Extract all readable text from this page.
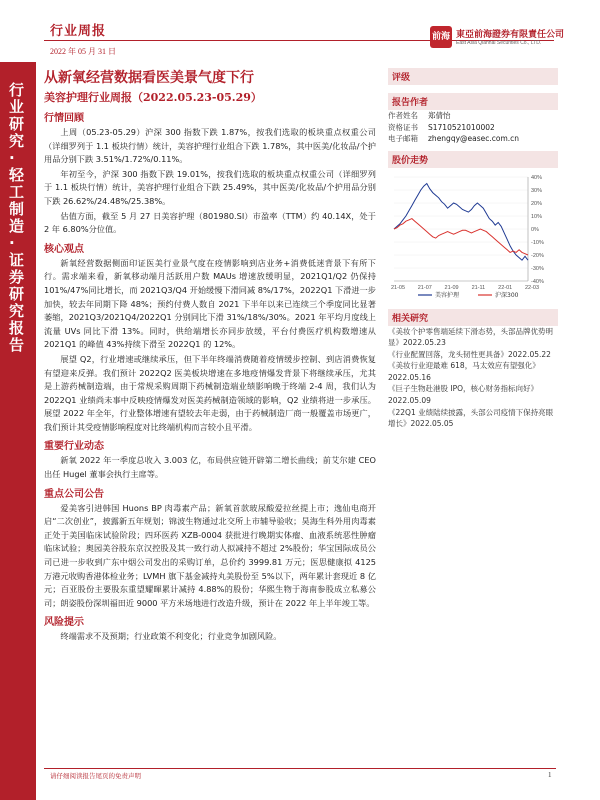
行业周报
2022 年 05 月 31 日
前海 東亞前海證券有限責任公司
East Asia Qianhai Securities Co., LTD.
行业研究·轻工制造·证券研究报告
从新氧经营数据看医美景气度下行
美容护理行业周报（2022.05.23-05.29）
行情回顾

上周（05.23-05.29）沪深 300 指数下跌 1.87%，按我们选取的板块重点权重公司（详细罗列于 1.1 板块行情）统计，美容护理行业组合下跌 1.78%，其中医美/化妆品/个护用品分别下跌 3.51%/1.72%/0.11%。

年初至今，沪深 300 指数下跌 19.01%，按我们选取的板块重点权重公司（详细罗列于 1.1 板块行情）统计，美容护理行业组合下跌 25.49%，其中医美/化妆品/个护用品分别下跌 26.62%/24.48%/25.38%。

估值方面，截至 5 月 27 日美容护理（801980.SI）市盈率（TTM）约 40.14X，处于 2 年 6.80%分位值。

核心观点

新氧经营数据侧面印证医美行业景气度在疫情影响到店业务+消费低迷背景下有所下行。需求端来看，新氧移动端月活跃用户数 MAUs 增速放缓明显，2021Q1/Q2 仍保持 101%/47%同比增长，而 2021Q3/Q4 开始缓慢下滑同减 8%/17%，2022Q1 下滑进一步加快，较去年同期下降 48%；预约付费人数自 2021 下半年以来已连续三个季度同比显著萎缩，2021Q3/2021Q4/2022Q1 分别同比下滑 31%/18%/30%。2021 年平均月度线上流量 UVs 同比下滑 13%。同时，供给端增长亦同步放缓，平台付费医疗机构数增速从 2021Q1 的峰值 43%持续下滑至 2022Q1 的 12%。

展望 Q2，行业增速或继续承压，但下半年终端消费随着疫情缓步控制、到店消费恢复有望迎来反弹。我们预计 2022Q2 医美板块增速在多地疫情爆发背景下将继续承压，尤其是上游药械制造端，由于常规采购周期下药械制造端业绩影响晚于终端 2-4 周，我们认为 2022Q1 业绩尚未事中反映疫情爆发对医美药械制造领域的影响，Q2 业绩将进一步承压。展望 2022 年全年，行业整体增速有望较去年走弱，由于药械制造厂商一般覆盖市场更广，我们预计其受疫情影响程度对比终端机构而言较小且平滑。

重要行业动态

新氧 2022 年一季度总收入 3.003 亿，布局供应链开辟第二增长曲线；前艾尔建 CEO 出任 Hugel 董事会执行主席等。

重点公司公告

爱美客引进韩国 Huons BP 肉毒素产品；新氧首款玻尿酸爱拉丝提上市；逸仙电商开启“二次创业”，披露新五年规划；锦波生物通过北交所上市辅导验收；昊海生科外用肉毒素正处于美国临床试验阶段；四环医药 XZB-0004 获批进行晚期实体瘤、血液系统恶性肿瘤临床试验；奥园美谷股东京汉控股及其一致行动人拟减持不超过 2%股份；华宝国际成员公司已进一步收到广东中烟公司发出的采购订单，总价约 3999.81 万元；医思健康拟 4125 万港元收购香港体检业务；LVMH 旗下基金减持丸美股份至 5%以下，两年累计套现近 8 亿元；百亚股份主要股东重望耀暉累计减持 4.88%的股份；华熙生物于海南参股成立私募公司；朗姿股份深圳福田近 9000 平方米场地进行改造升级，预计在 2022 年上半年竣工等。

风险提示

终端需求不及预期；行业政策不利变化；行业竞争加剧风险。

评级
报告作者
作者姓名	郑倩怡
资格证书	S1710521010002
电子邮箱	zhengqy@easec.com.cn
股价走势
40%
30%
20%
10%
0%
-10%
-20%
-30%
-40%
21-05 21-07 21-09 21-11 22-01 22-03
美容护理	沪深300
相关研究
《美妆个护零售端延续下滑态势，头部品牌优势明显》2022.05.23
《行业配置回落，龙头韧性更具备》2022.05.22
《美妆行业迎最难 618，马太效应有望强化》2022.05.16
《巨子生物赴港股 IPO，核心财务指标向好》2022.05.09
《22Q1 业绩陆续披露，头部公司疫情下保持亮眼增长》2022.05.05
请仔细阅读报告尾页的免责声明	1
